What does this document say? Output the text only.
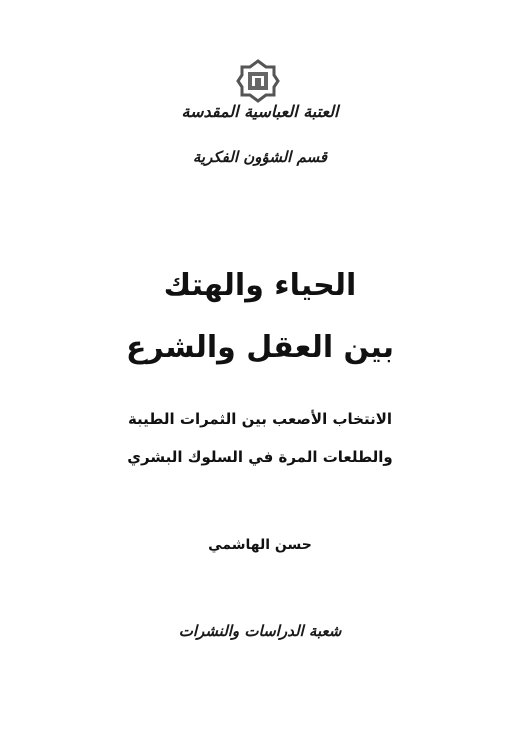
العتبة العباسية المقدسة
قسم الشؤون الفكرية
الحياء والهتك
بين العقل والشرع
الانتخاب الأصعب بين الثمرات الطيبة
والطلعات المرة في السلوك البشري
حسن الهاشمي
شعبة الدراسات والنشرات
